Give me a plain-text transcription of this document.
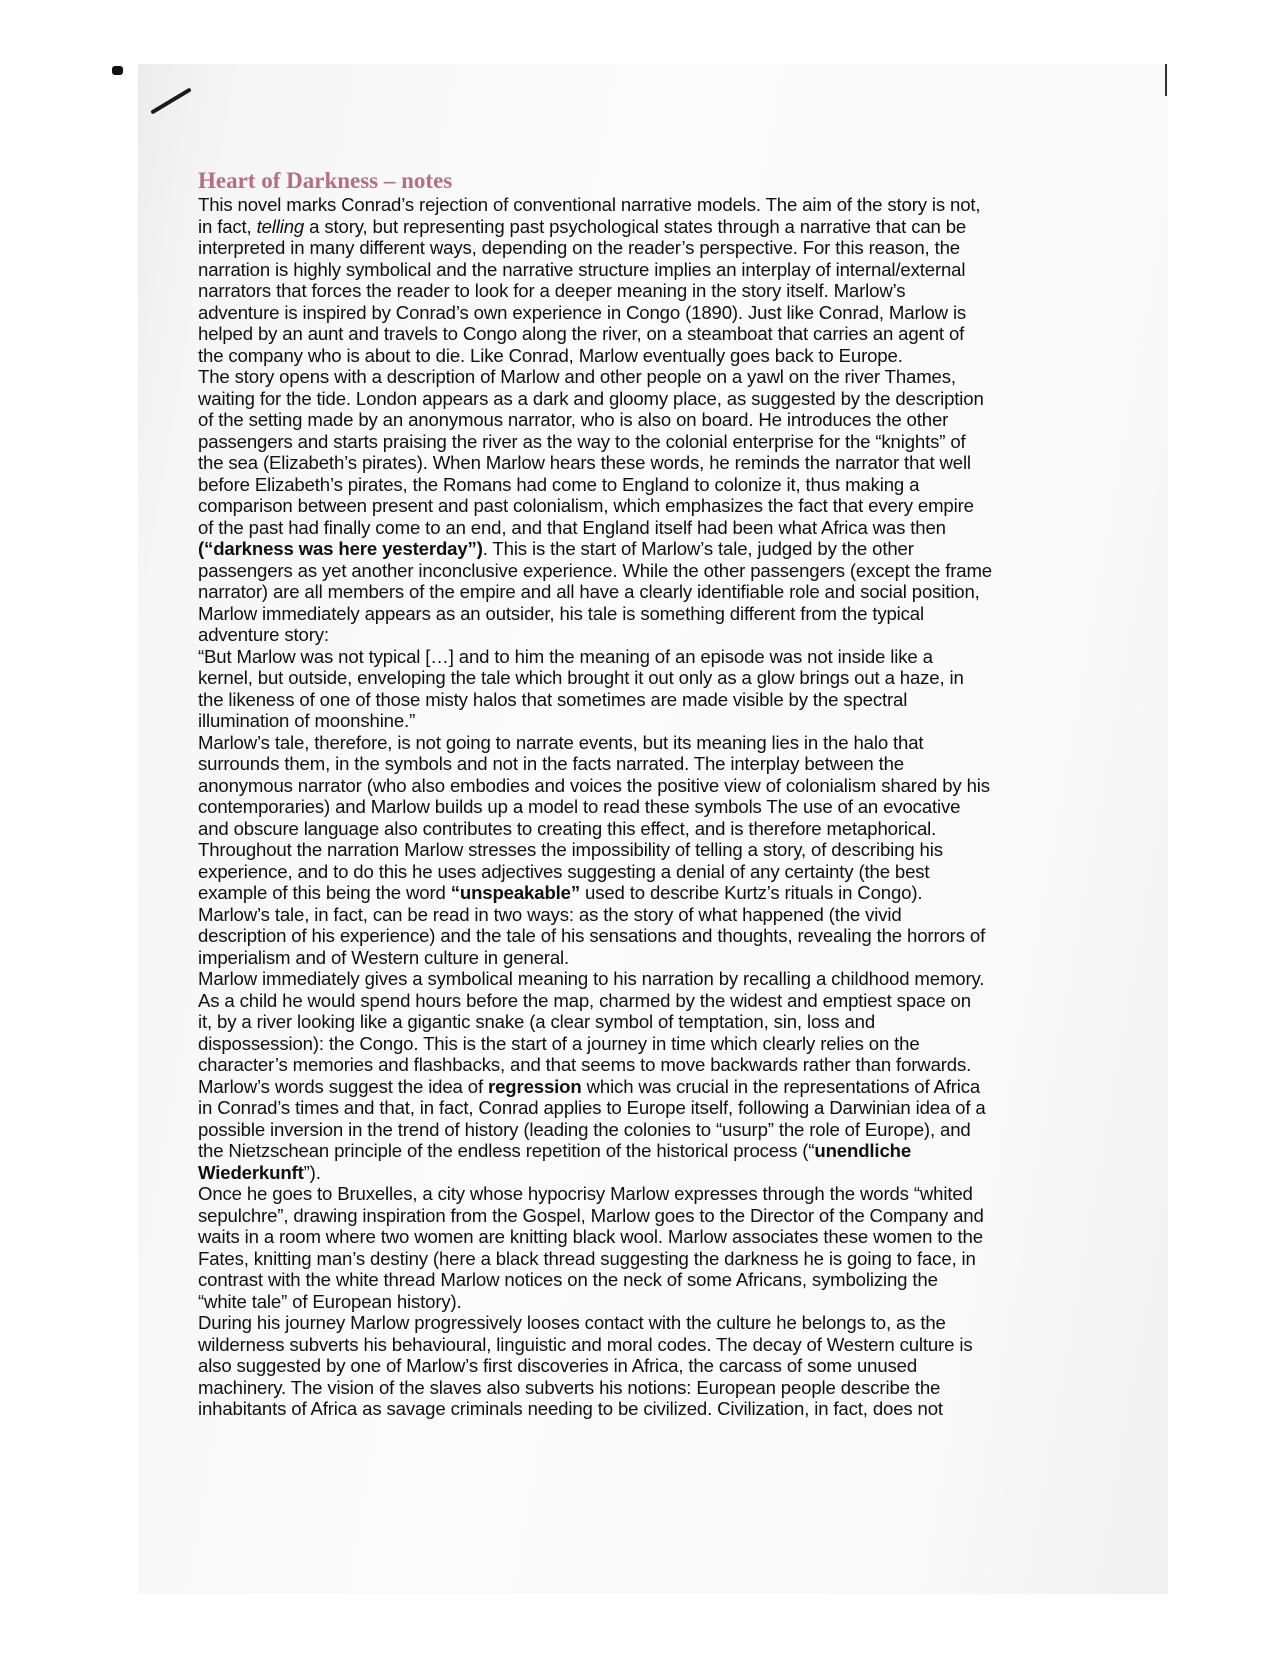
Heart of Darkness – notes
This novel marks Conrad’s rejection of conventional narrative models. The aim of the story is not,
in fact, telling a story, but representing past psychological states through a narrative that can be
interpreted in many different ways, depending on the reader’s perspective. For this reason, the
narration is highly symbolical and the narrative structure implies an interplay of internal/external
narrators that forces the reader to look for a deeper meaning in the story itself. Marlow’s
adventure is inspired by Conrad’s own experience in Congo (1890). Just like Conrad, Marlow is
helped by an aunt and travels to Congo along the river, on a steamboat that carries an agent of
the company who is about to die. Like Conrad, Marlow eventually goes back to Europe.
The story opens with a description of Marlow and other people on a yawl on the river Thames,
waiting for the tide. London appears as a dark and gloomy place, as suggested by the description
of the setting made by an anonymous narrator, who is also on board. He introduces the other
passengers and starts praising the river as the way to the colonial enterprise for the “knights” of
the sea (Elizabeth’s pirates). When Marlow hears these words, he reminds the narrator that well
before Elizabeth’s pirates, the Romans had come to England to colonize it, thus making a
comparison between present and past colonialism, which emphasizes the fact that every empire
of the past had finally come to an end, and that England itself had been what Africa was then
(“darkness was here yesterday”). This is the start of Marlow’s tale, judged by the other
passengers as yet another inconclusive experience. While the other passengers (except the frame
narrator) are all members of the empire and all have a clearly identifiable role and social position,
Marlow immediately appears as an outsider, his tale is something different from the typical
adventure story:
“But Marlow was not typical […] and to him the meaning of an episode was not inside like a
kernel, but outside, enveloping the tale which brought it out only as a glow brings out a haze, in
the likeness of one of those misty halos that sometimes are made visible by the spectral
illumination of moonshine.”
Marlow’s tale, therefore, is not going to narrate events, but its meaning lies in the halo that
surrounds them, in the symbols and not in the facts narrated. The interplay between the
anonymous narrator (who also embodies and voices the positive view of colonialism shared by his
contemporaries) and Marlow builds up a model to read these symbols The use of an evocative
and obscure language also contributes to creating this effect, and is therefore metaphorical.
Throughout the narration Marlow stresses the impossibility of telling a story, of describing his
experience, and to do this he uses adjectives suggesting a denial of any certainty (the best
example of this being the word “unspeakable” used to describe Kurtz’s rituals in Congo).
Marlow’s tale, in fact, can be read in two ways: as the story of what happened (the vivid
description of his experience) and the tale of his sensations and thoughts, revealing the horrors of
imperialism and of Western culture in general.
Marlow immediately gives a symbolical meaning to his narration by recalling a childhood memory.
As a child he would spend hours before the map, charmed by the widest and emptiest space on
it, by a river looking like a gigantic snake (a clear symbol of temptation, sin, loss and
dispossession): the Congo. This is the start of a journey in time which clearly relies on the
character’s memories and flashbacks, and that seems to move backwards rather than forwards.
Marlow’s words suggest the idea of regression which was crucial in the representations of Africa
in Conrad’s times and that, in fact, Conrad applies to Europe itself, following a Darwinian idea of a
possible inversion in the trend of history (leading the colonies to “usurp” the role of Europe), and
the Nietzschean principle of the endless repetition of the historical process (“unendliche
Wiederkunft”).
Once he goes to Bruxelles, a city whose hypocrisy Marlow expresses through the words “whited
sepulchre”, drawing inspiration from the Gospel, Marlow goes to the Director of the Company and
waits in a room where two women are knitting black wool. Marlow associates these women to the
Fates, knitting man’s destiny (here a black thread suggesting the darkness he is going to face, in
contrast with the white thread Marlow notices on the neck of some Africans, symbolizing the
“white tale” of European history).
During his journey Marlow progressively looses contact with the culture he belongs to, as the
wilderness subverts his behavioural, linguistic and moral codes. The decay of Western culture is
also suggested by one of Marlow’s first discoveries in Africa, the carcass of some unused
machinery. The vision of the slaves also subverts his notions: European people describe the
inhabitants of Africa as savage criminals needing to be civilized. Civilization, in fact, does not
